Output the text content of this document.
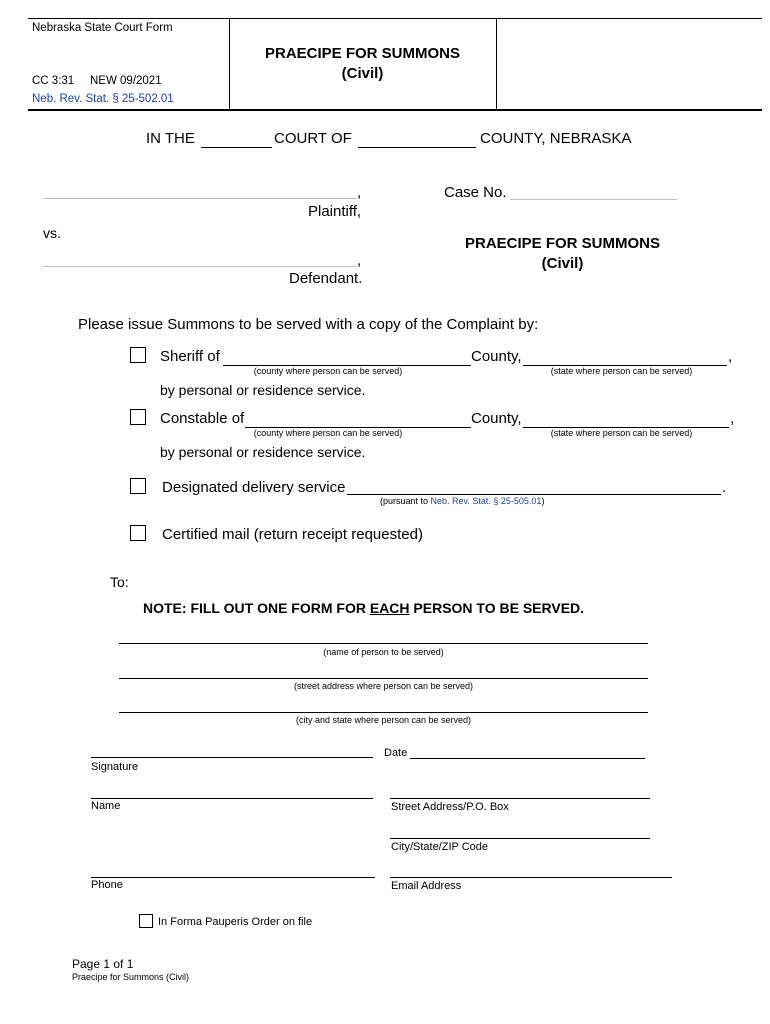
Nebraska State Court Form
CC 3:31 NEW 09/2021
Neb. Rev. Stat. § 25-502.01
PRAECIPE FOR SUMMONS
(Civil)
IN THE	COURT OF	COUNTY, NEBRASKA
,
Plaintiff,
Case No.
vs.
PRAECIPE FOR SUMMONS
(Civil)
,
Defendant.
Please issue Summons to be served with a copy of the Complaint by:
Sheriff of
(county where person can be served)
County,
(state where person can be served)
,
by personal or residence service.
Constable of
(county where person can be served)
County,
(state where person can be served)
,
by personal or residence service.
Designated delivery service
(pursuant to Neb. Rev. Stat. § 25-505.01)
.
Certified mail (return receipt requested)
To:
NOTE: FILL OUT ONE FORM FOR EACH PERSON TO BE SERVED.
(name of person to be served)
(street address where person can be served)
(city and state where person can be served)
Signature
Date
Name	Street Address/P.O. Box
City/State/ZIP Code
Phone	Email Address
In Forma Pauperis Order on file
Page 1 of 1
Praecipe for Summons (Civil)
